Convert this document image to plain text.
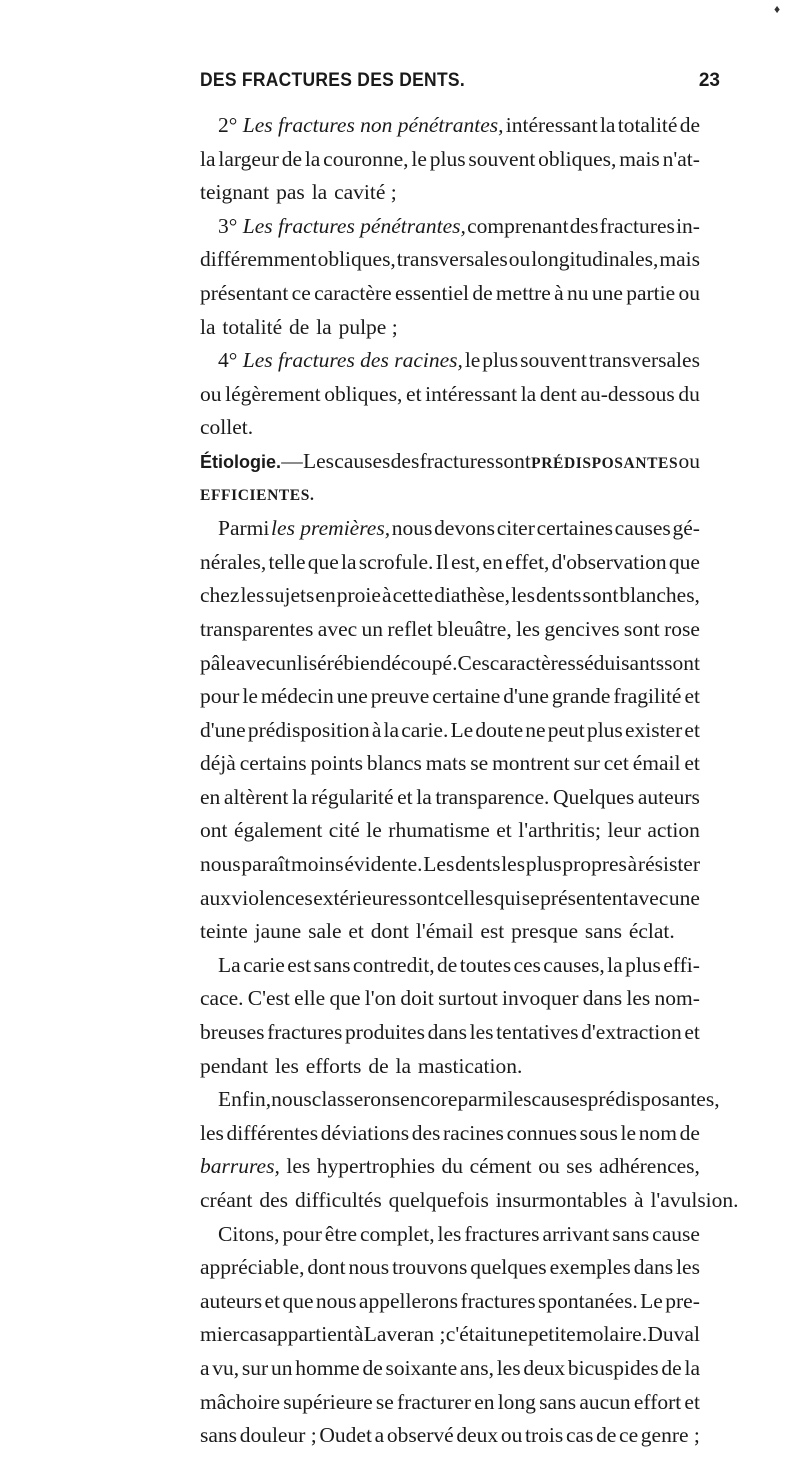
♦
DES FRACTURES DES DENTS.	23
2° Les fractures non pénétrantes, intéressant la totalité de
la largeur de la couronne, le plus souvent obliques, mais n'at-
teignant pas la cavité ;
3° Les fractures pénétrantes, comprenant des fractures in-
différemment obliques, transversales ou longitudinales, mais
présentant ce caractère essentiel de mettre à nu une partie ou
la totalité de la pulpe ;
4° Les fractures des racines, le plus souvent transversales
ou légèrement obliques, et intéressant la dent au-dessous du
collet.
Étiologie. — Les causes des fractures sont PRÉDISPOSANTES ou
EFFICIENTES.
Parmi les premières, nous devons citer certaines causes gé-
nérales, telle que la scrofule. Il est, en effet, d'observation que
chez les sujets en proie à cette diathèse, les dents sont blanches,
transparentes avec un reflet bleuâtre, les gencives sont rose
pâle avec un liséré bien découpé. Ces caractères séduisants sont
pour le médecin une preuve certaine d'une grande fragilité et
d'une prédisposition à la carie. Le doute ne peut plus exister et
déjà certains points blancs mats se montrent sur cet émail et
en altèrent la régularité et la transparence. Quelques auteurs
ont également cité le rhumatisme et l'arthritis; leur action
nous paraît moins évidente. Les dents les plus propres à résister
aux violences extérieures sont celles qui se présentent avec une
teinte jaune sale et dont l'émail est presque sans éclat.
La carie est sans contredit, de toutes ces causes, la plus effi-
cace. C'est elle que l'on doit surtout invoquer dans les nom-
breuses fractures produites dans les tentatives d'extraction et
pendant les efforts de la mastication.
Enfin, nous classerons encore parmi les causes prédisposantes,
les différentes déviations des racines connues sous le nom de
barrures, les hypertrophies du cément ou ses adhérences,
créant des difficultés quelquefois insurmontables à l'avulsion.
Citons, pour être complet, les fractures arrivant sans cause
appréciable, dont nous trouvons quelques exemples dans les
auteurs et que nous appellerons fractures spontanées. Le pre-
mier cas appartient à Laveran ; c'était une petite molaire. Duval
a vu, sur un homme de soixante ans, les deux bicuspides de la
mâchoire supérieure se fracturer en long sans aucun effort et
sans douleur ; Oudet a observé deux ou trois cas de ce genre ;
